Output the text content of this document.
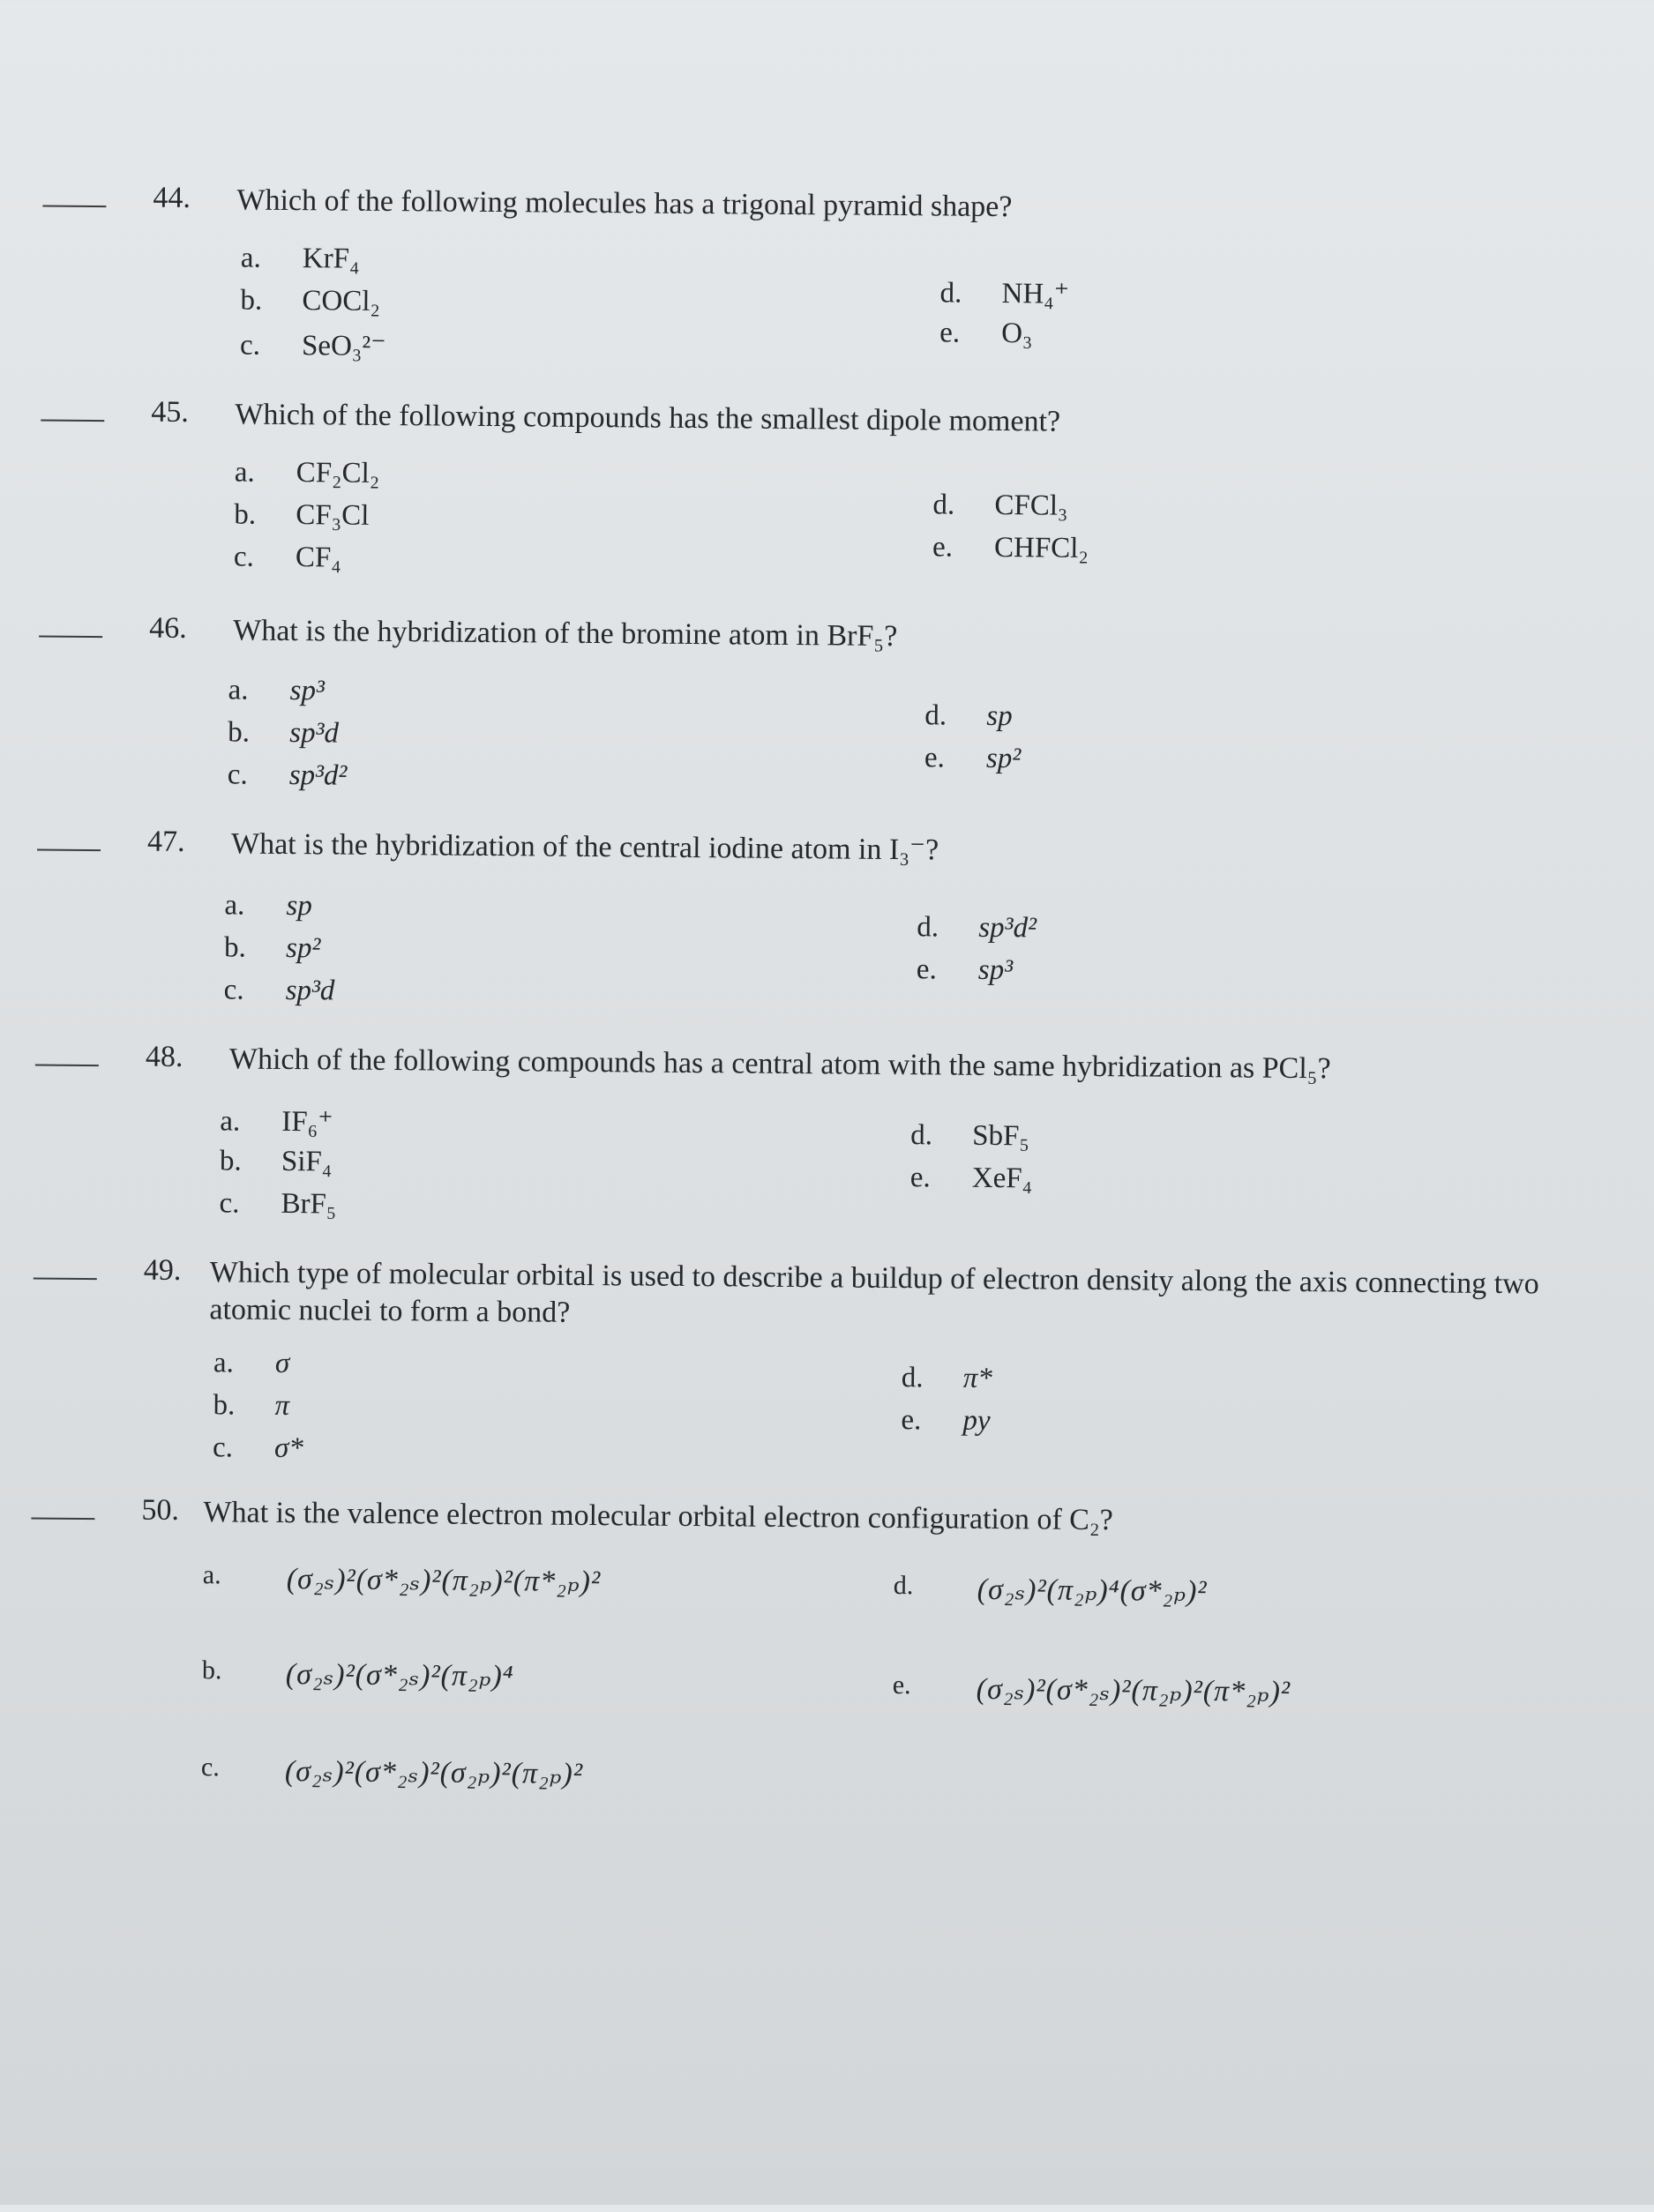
44. Which of the following molecules has a trigonal pyramid shape?
a. KrF₄
b. COCl₂
c. SeO₃²⁻
d. NH₄⁺
e. O₃
45. Which of the following compounds has the smallest dipole moment?
a. CF₂Cl₂
b. CF₃Cl
c. CF₄
d. CFCl₃
e. CHFCl₂
46. What is the hybridization of the bromine atom in BrF₅?
a. sp³
b. sp³d
c. sp³d²
d. sp
e. sp²
47. What is the hybridization of the central iodine atom in I₃⁻?
a. sp
b. sp²
c. sp³d
d. sp³d²
e. sp³
48. Which of the following compounds has a central atom with the same hybridization as PCl₅?
a. IF₆⁺
b. SiF₄
c. BrF₅
d. SbF₅
e. XeF₄
49. Which type of molecular orbital is used to describe a buildup of electron density along the axis connecting two atomic nuclei to form a bond?
a. σ
b. π
c. σ*
d. π*
e. py
50. What is the valence electron molecular orbital electron configuration of C₂?
a. (σ₂ₛ)²(σ*₂ₛ)²(π₂ₚ)²(π*₂ₚ)²
b. (σ₂ₛ)²(σ*₂ₛ)²(π₂ₚ)⁴
c. (σ₂ₛ)²(σ*₂ₛ)²(σ₂ₚ)²(π₂ₚ)²
d. (σ₂ₛ)²(π₂ₚ)⁴(σ*₂ₚ)²
e. (σ₂ₛ)²(σ*₂ₛ)²(π₂ₚ)²(π*₂ₚ)²
